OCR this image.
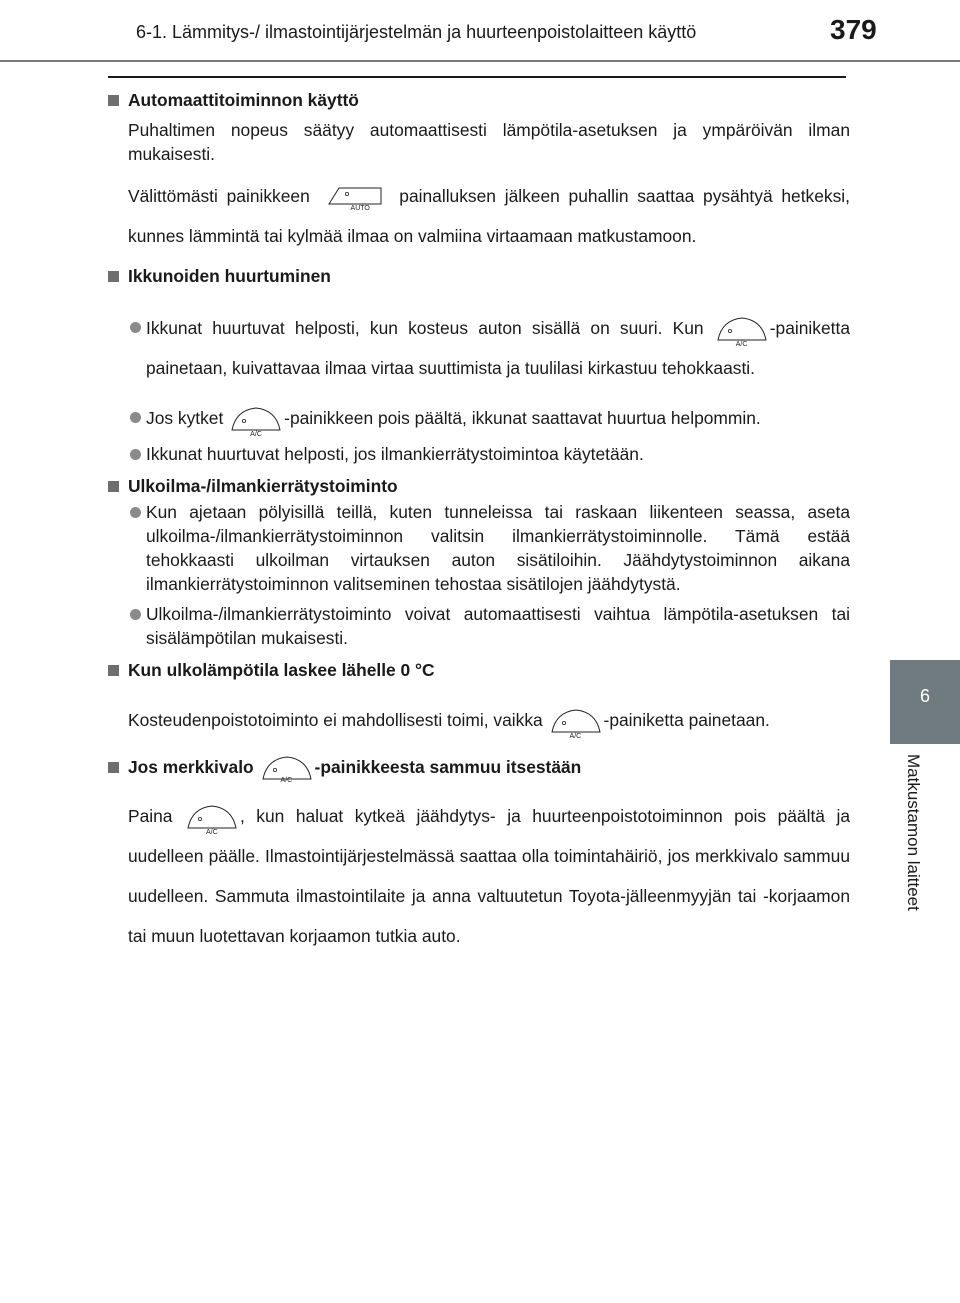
6-1. Lämmitys-/ ilmastointijärjestelmän ja huurteenpoistolaitteen käyttö	379
6
Matkustamon laitteet

Automaattitoiminnon käyttö

Puhaltimen nopeus säätyy automaattisesti lämpötila-asetuksen ja ympäröivän ilman mukaisesti.

Välittömästi painikkeen
AUTO
painalluksen jälkeen puhallin saattaa pysähtyä hetkeksi, kunnes lämmintä tai kylmää ilmaa on valmiina virtaamaan matkustamoon.

Ikkunoiden huurtuminen

Ikkunat huurtuvat helposti, kun kosteus auton sisällä on suuri. Kun
A/C
-painiketta painetaan, kuivattavaa ilmaa virtaa suuttimista ja tuulilasi kirkastuu tehokkaasti.

Jos kytket
A/C
-painikkeen pois päältä, ikkunat saattavat huurtua helpommin.

Ikkunat huurtuvat helposti, jos ilmankierrätystoimintoa käytetään.

Ulkoilma-/ilmankierrätystoiminto

Kun ajetaan pölyisillä teillä, kuten tunneleissa tai raskaan liikenteen seassa, aseta ulkoilma-/ilmankierrätystoiminnon valitsin ilmankierrätystoiminnolle. Tämä estää tehokkaasti ulkoilman virtauksen auton sisätiloihin. Jäähdytystoiminnon aikana ilmankierrätystoiminnon valitseminen tehostaa sisätilojen jäähdytystä.

Ulkoilma-/ilmankierrätystoiminto voivat automaattisesti vaihtua lämpötila-asetuksen tai sisälämpötilan mukaisesti.

Kun ulkolämpötila laskee lähelle 0 °C

Kosteudenpoistotoiminto ei mahdollisesti toimi, vaikka
A/C
-painiketta painetaan.

Jos merkkivalo
A/C
-painikkeesta sammuu itsestään

Paina
A/C
, kun haluat kytkeä jäähdytys- ja huurteenpoistotoiminnon pois päältä ja uudelleen päälle. Ilmastointijärjestelmässä saattaa olla toimintahäiriö, jos merkkivalo sammuu uudelleen. Sammuta ilmastointilaite ja anna valtuutetun Toyota-jälleenmyyjän tai -korjaamon tai muun luotettavan korjaamon tutkia auto.
